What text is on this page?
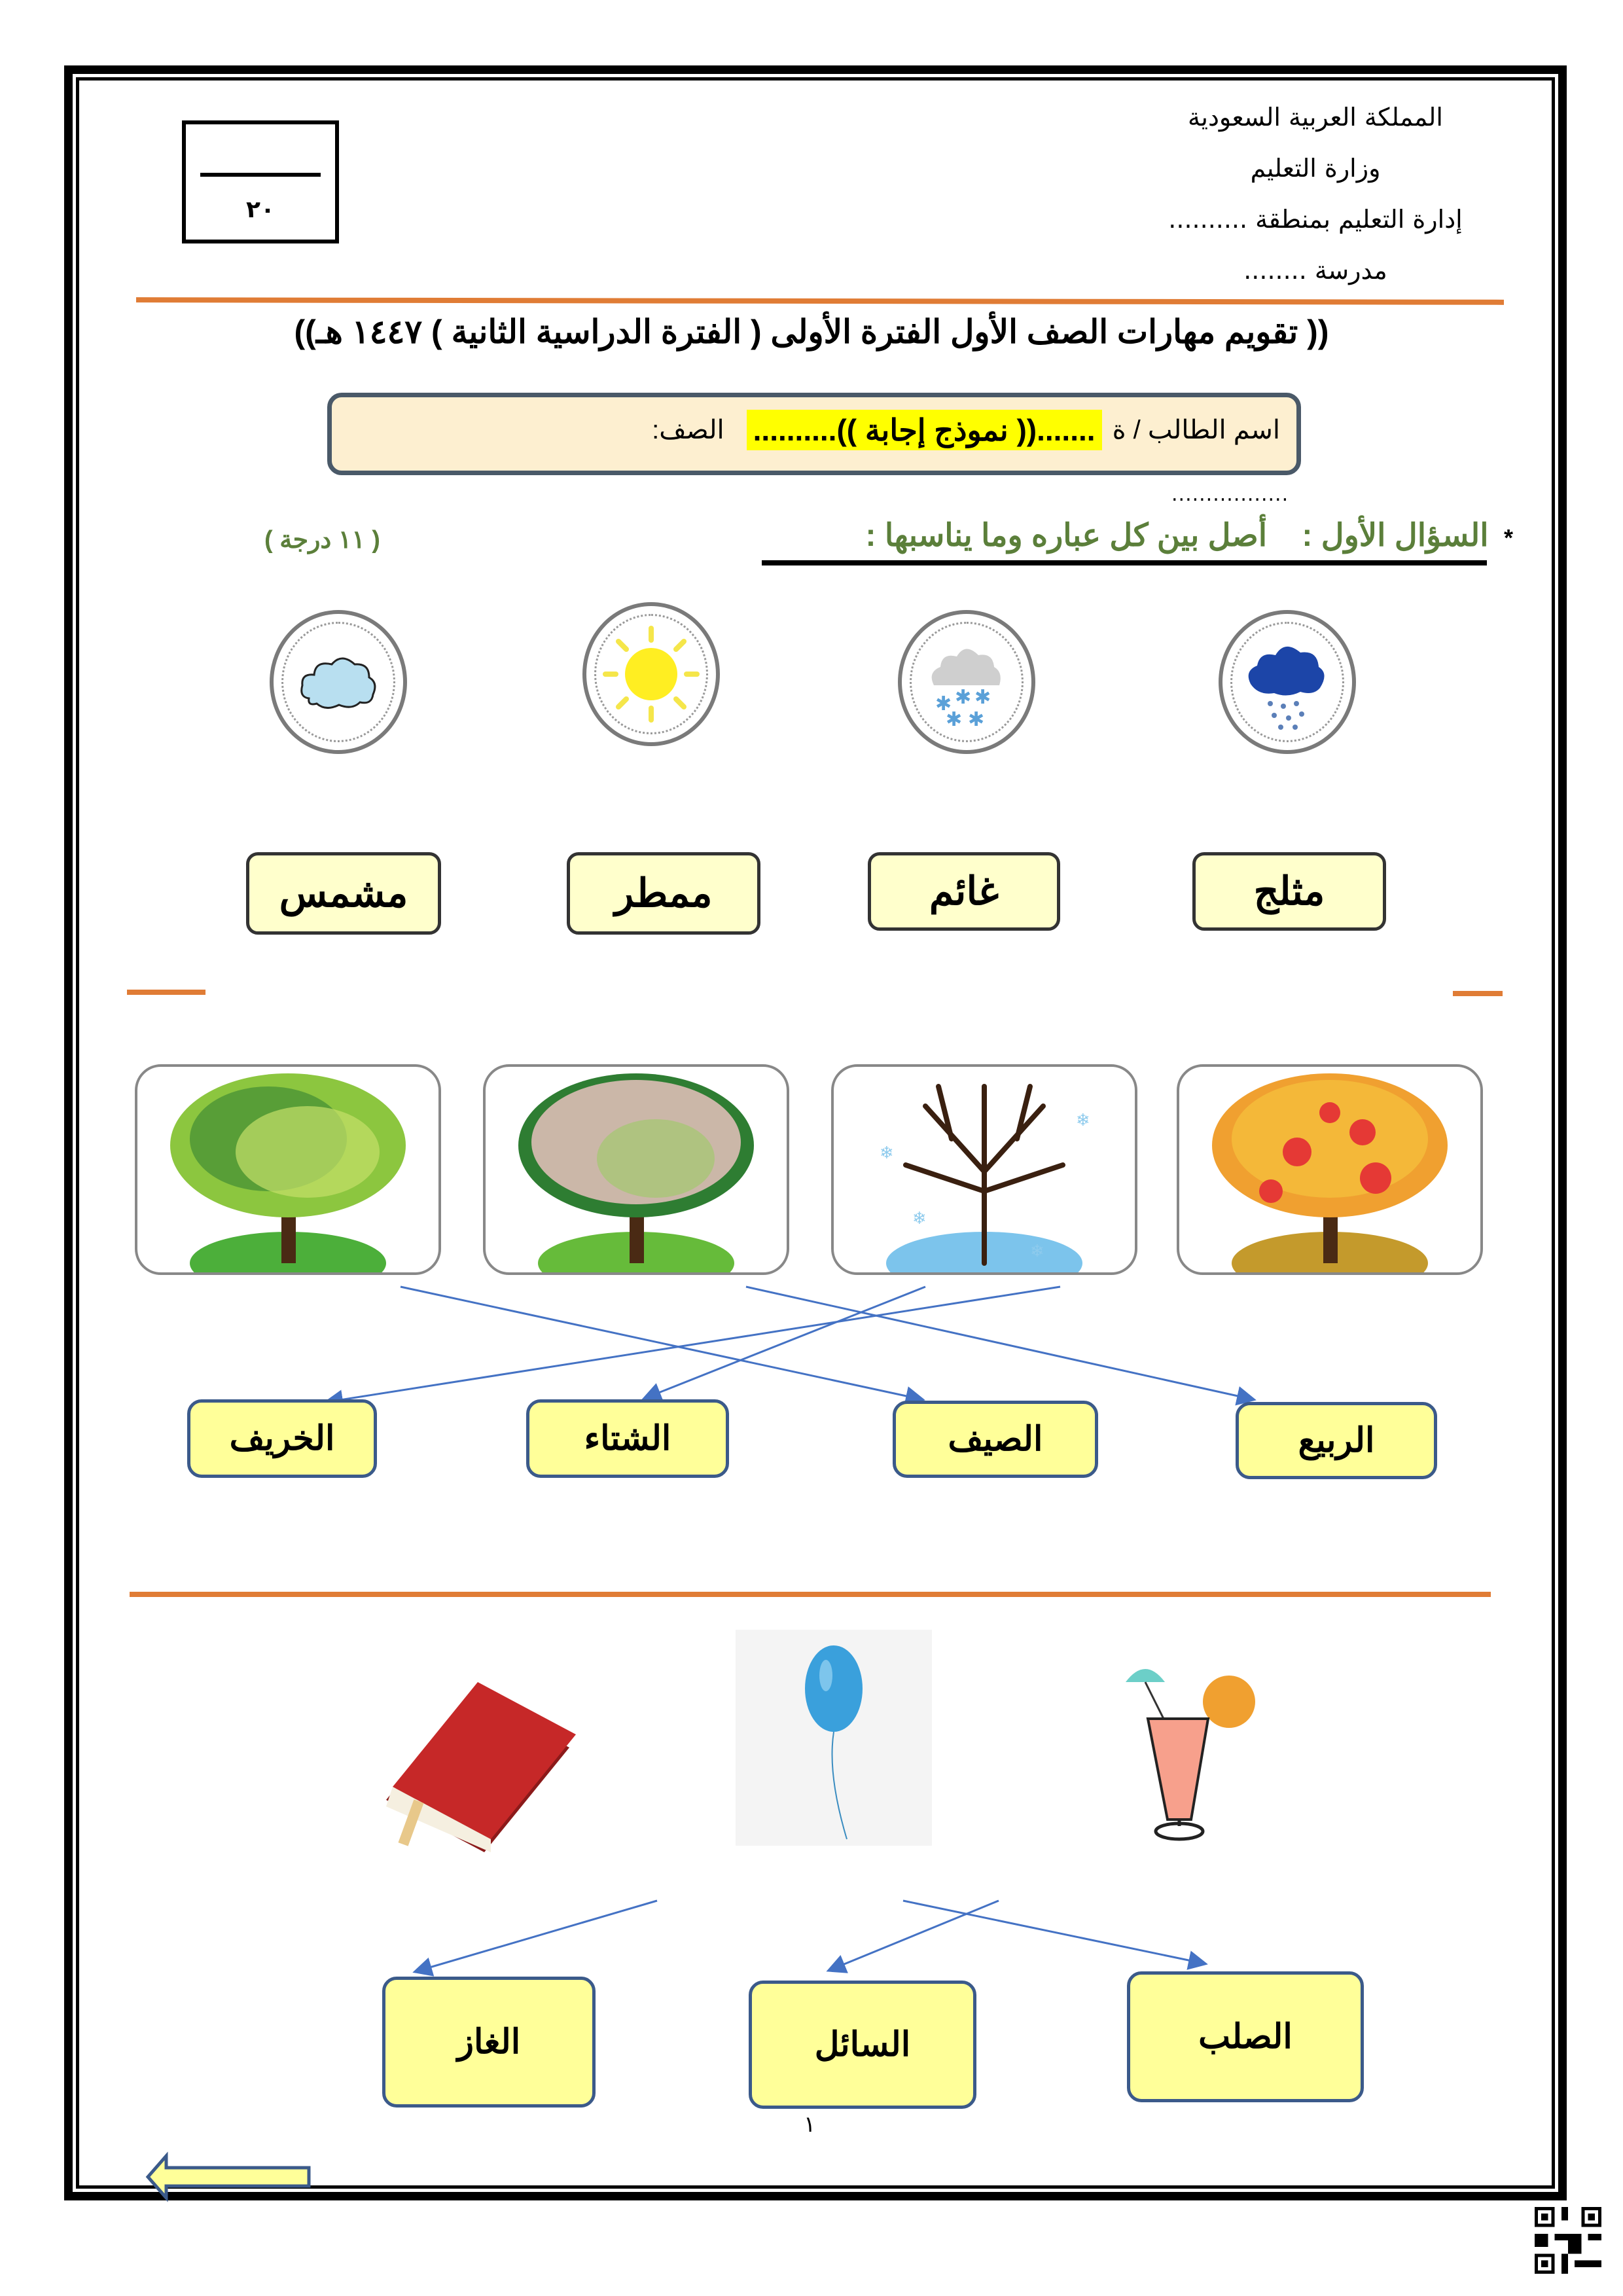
المملكة العربية السعودية
وزارة التعليم
إدارة التعليم بمنطقة ..........
مدرسة ........
٢٠
(( تقويم مهارات الصف الأول الفترة الأولى ( الفترة الدراسية الثانية ) ١٤٤٧ هـ))
اسم الطالب / ة
.......(( نموذج إجابة ))..........
الصف:
.................
* السؤال الأول :    أصل بين كل عباره وما يناسبها :
( ١١ درجة )
✱ ✱ ✱
✱ ✱
مشمس	ممطر	غائم	مثلج
❄
❄
❄
❄
الخريف	الشتاء	الصيف	الربيع
الغاز	السائل	الصلب
١
